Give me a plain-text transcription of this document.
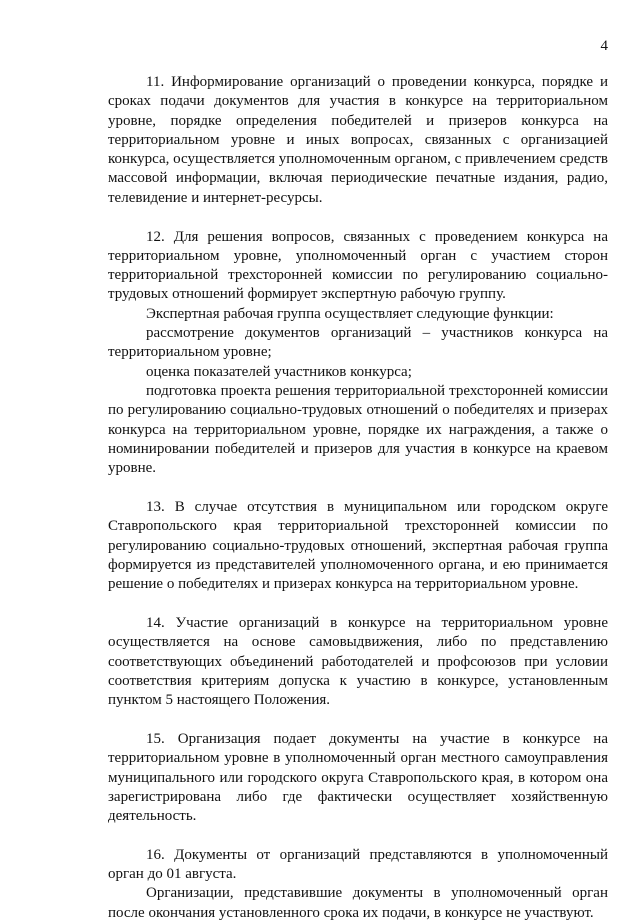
4

11. Информирование организаций о проведении конкурса, порядке и сроках подачи документов для участия в конкурсе на территориальном уровне, порядке определения победителей и призеров конкурса на территориальном уровне и иных вопросах, связанных с организацией конкурса, осуществляется уполномоченным органом, с привлечением средств массовой информации, включая периодические печатные издания, радио, телевидение и интернет-ресурсы.

12. Для решения вопросов, связанных с проведением конкурса на территориальном уровне, уполномоченный орган с участием сторон территориальной трехсторонней комиссии по регулированию социально-трудовых отношений формирует экспертную рабочую группу.

Экспертная рабочая группа осуществляет следующие функции:

рассмотрение документов организаций – участников конкурса на территориальном уровне;

оценка показателей участников конкурса;

подготовка проекта решения территориальной трехсторонней комиссии по регулированию социально-трудовых отношений о победителях и призерах конкурса на территориальном уровне, порядке их награждения, а также о номинировании победителей и призеров для участия в конкурсе на краевом уровне.

13. В случае отсутствия в муниципальном или городском округе Ставропольского края территориальной трехсторонней комиссии по регулированию социально-трудовых отношений, экспертная рабочая группа формируется из представителей уполномоченного органа, и ею принимается решение о победителях и призерах конкурса на территориальном уровне.

14. Участие организаций в конкурсе на территориальном уровне осуществляется на основе самовыдвижения, либо по представлению соответствующих объединений работодателей и профсоюзов при условии соответствия критериям допуска к участию в конкурсе, установленным пунктом 5 настоящего Положения.

15. Организация подает документы на участие в конкурсе на территориальном уровне в уполномоченный орган местного самоуправления муниципального или городского округа Ставропольского края, в котором она зарегистрирована либо где фактически осуществляет хозяйственную деятельность.

16. Документы от организаций представляются в уполномоченный орган до 01 августа.

Организации, представившие документы в уполномоченный орган после окончания установленного срока их подачи, в конкурсе не участвуют.
